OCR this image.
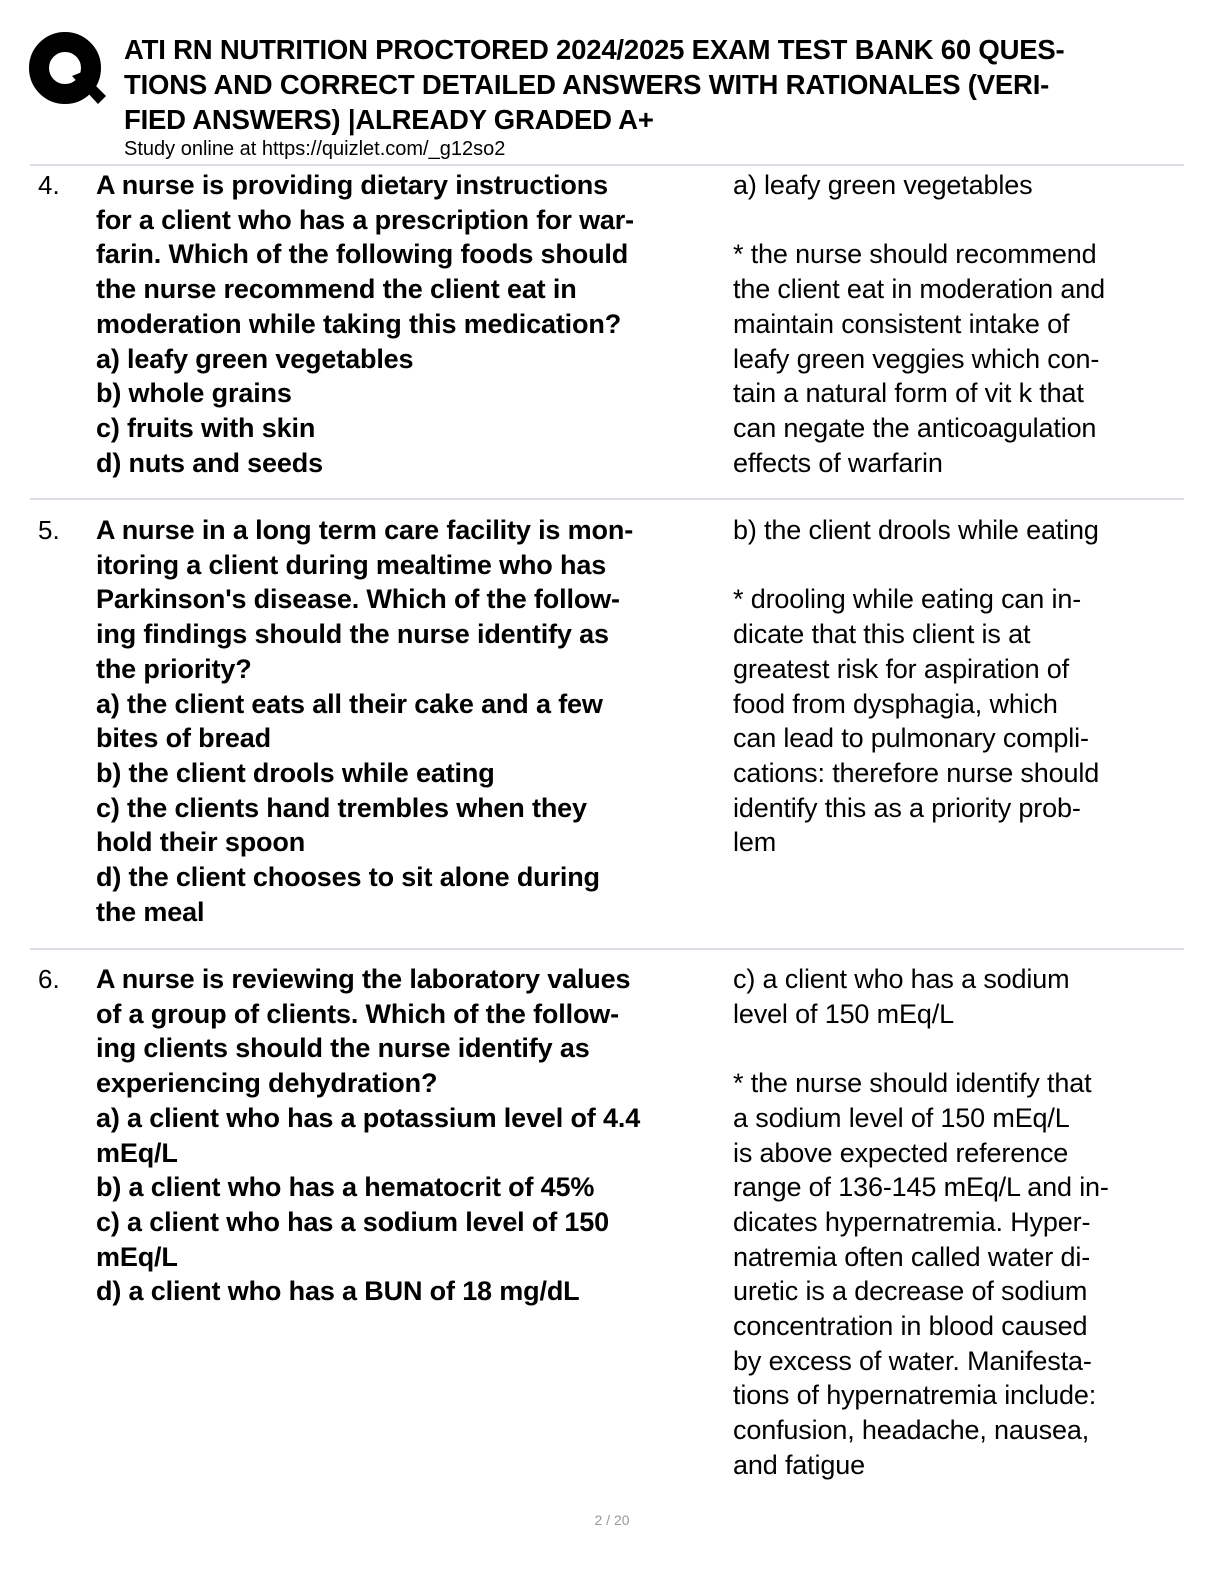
ATI RN NUTRITION PROCTORED 2024/2025 EXAM TEST BANK 60 QUES-
TIONS AND CORRECT DETAILED ANSWERS WITH RATIONALES (VERI-
FIED ANSWERS) |ALREADY GRADED A+
Study online at https://quizlet.com/_g12so2
4. A nurse is providing dietary instructions
for a client who has a prescription for war-
farin. Which of the following foods should
the nurse recommend the client eat in
moderation while taking this medication?
a) leafy green vegetables
b) whole grains
c) fruits with skin
d) nuts and seeds
a) leafy green vegetables
* the nurse should recommend
the client eat in moderation and
maintain consistent intake of
leafy green veggies which con-
tain a natural form of vit k that
can negate the anticoagulation
effects of warfarin
5. A nurse in a long term care facility is mon-
itoring a client during mealtime who has
Parkinson's disease. Which of the follow-
ing findings should the nurse identify as
the priority?
a) the client eats all their cake and a few
bites of bread
b) the client drools while eating
c) the clients hand trembles when they
hold their spoon
d) the client chooses to sit alone during
the meal
b) the client drools while eating
* drooling while eating can in-
dicate that this client is at
greatest risk for aspiration of
food from dysphagia, which
can lead to pulmonary compli-
cations: therefore nurse should
identify this as a priority prob-
lem
6. A nurse is reviewing the laboratory values
of a group of clients. Which of the follow-
ing clients should the nurse identify as
experiencing dehydration?
a) a client who has a potassium level of 4.4
mEq/L
b) a client who has a hematocrit of 45%
c) a client who has a sodium level of 150
mEq/L
d) a client who has a BUN of 18 mg/dL
c) a client who has a sodium
level of 150 mEq/L
* the nurse should identify that
a sodium level of 150 mEq/L
is above expected reference
range of 136-145 mEq/L and in-
dicates hypernatremia. Hyper-
natremia often called water di-
uretic is a decrease of sodium
concentration in blood caused
by excess of water. Manifesta-
tions of hypernatremia include:
confusion, headache, nausea,
and fatigue
2 / 20
